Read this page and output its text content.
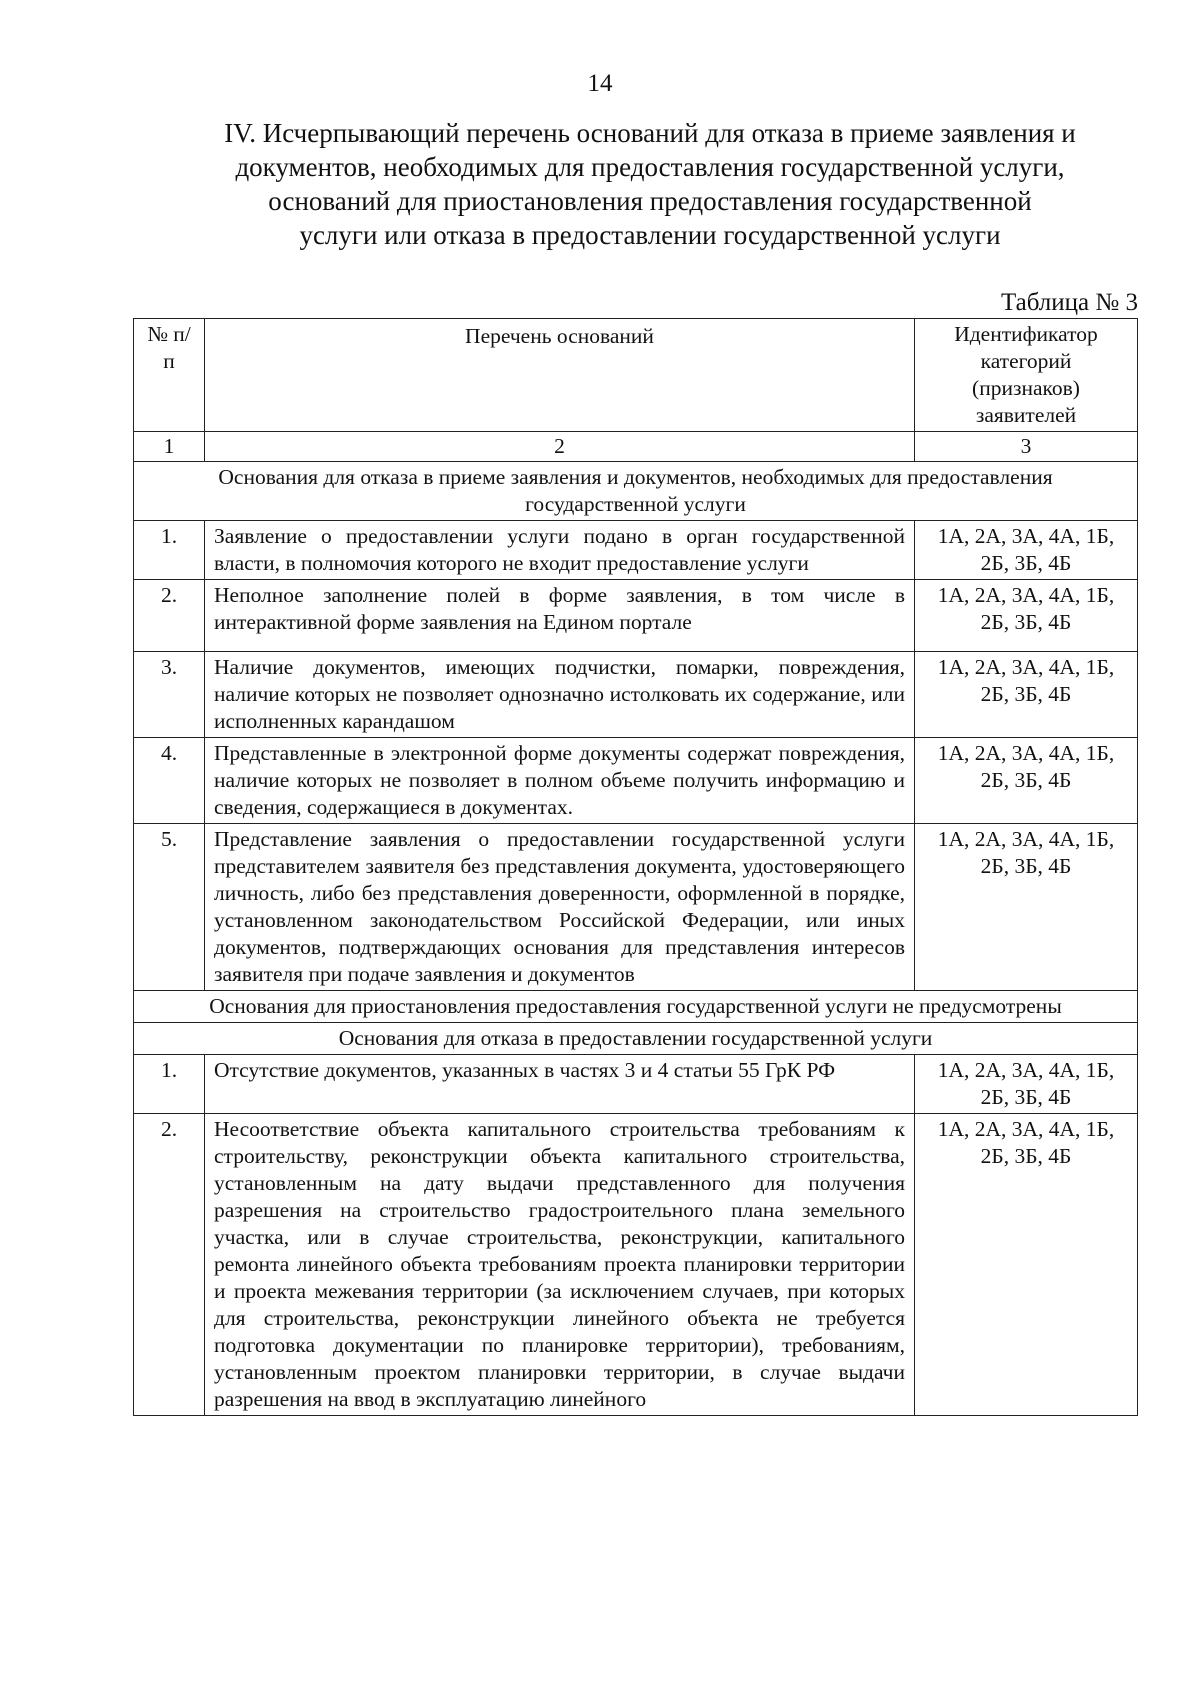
14
IV. Исчерпывающий перечень оснований для отказа в приеме заявления и
документов, необходимых для предоставления государственной услуги,
оснований для приостановления предоставления государственной
услуги или отказа в предоставлении государственной услуги
Таблица № 3
№ п/п	Перечень оснований	Идентификатор категорий (признаков) заявителей
1	2	3
Основания для отказа в приеме заявления и документов, необходимых для предоставления государственной услуги		
1.	Заявление о предоставлении услуги подано в орган государственной власти, в полномочия которого не входит предоставление услуги	1А, 2А, 3А, 4А, 1Б, 2Б, 3Б, 4Б
2.	Неполное заполнение полей в форме заявления, в том числе в интерактивной форме заявления на Едином портале	1А, 2А, 3А, 4А, 1Б, 2Б, 3Б, 4Б
3.	Наличие документов, имеющих подчистки, помарки, повреждения, наличие которых не позволяет однозначно истолковать их содержание, или исполненных карандашом	1А, 2А, 3А, 4А, 1Б, 2Б, 3Б, 4Б
4.	Представленные в электронной форме документы содержат повреждения, наличие которых не позволяет в полном объеме получить информацию и сведения, содержащиеся в документах.	1А, 2А, 3А, 4А, 1Б, 2Б, 3Б, 4Б
5.	Представление заявления о предоставлении государственной услуги представителем заявителя без представления документа, удостоверяющего личность, либо без представления доверенности, оформленной в порядке, установленном законодательством Российской Федерации, или иных документов, подтверждающих основания для представления интересов заявителя при подаче заявления и документов	1А, 2А, 3А, 4А, 1Б, 2Б, 3Б, 4Б
Основания для приостановления предоставления государственной услуги не предусмотрены		
Основания для отказа в предоставлении государственной услуги		
1.	Отсутствие документов, указанных в частях 3 и 4 статьи 55 ГрК РФ	1А, 2А, 3А, 4А, 1Б, 2Б, 3Б, 4Б
2.	Несоответствие объекта капитального строительства требованиям к строительству, реконструкции объекта капитального строительства, установленным на дату выдачи представленного для получения разрешения на строительство градостроительного плана земельного участка, или в случае строительства, реконструкции, капитального ремонта линейного объекта требованиям проекта планировки территории и проекта межевания территории (за исключением случаев, при которых для строительства, реконструкции линейного объекта не требуется подготовка документации по планировке территории), требованиям, установленным проектом планировки территории, в случае выдачи разрешения на ввод в эксплуатацию линейного	1А, 2А, 3А, 4А, 1Б, 2Б, 3Б, 4Б
